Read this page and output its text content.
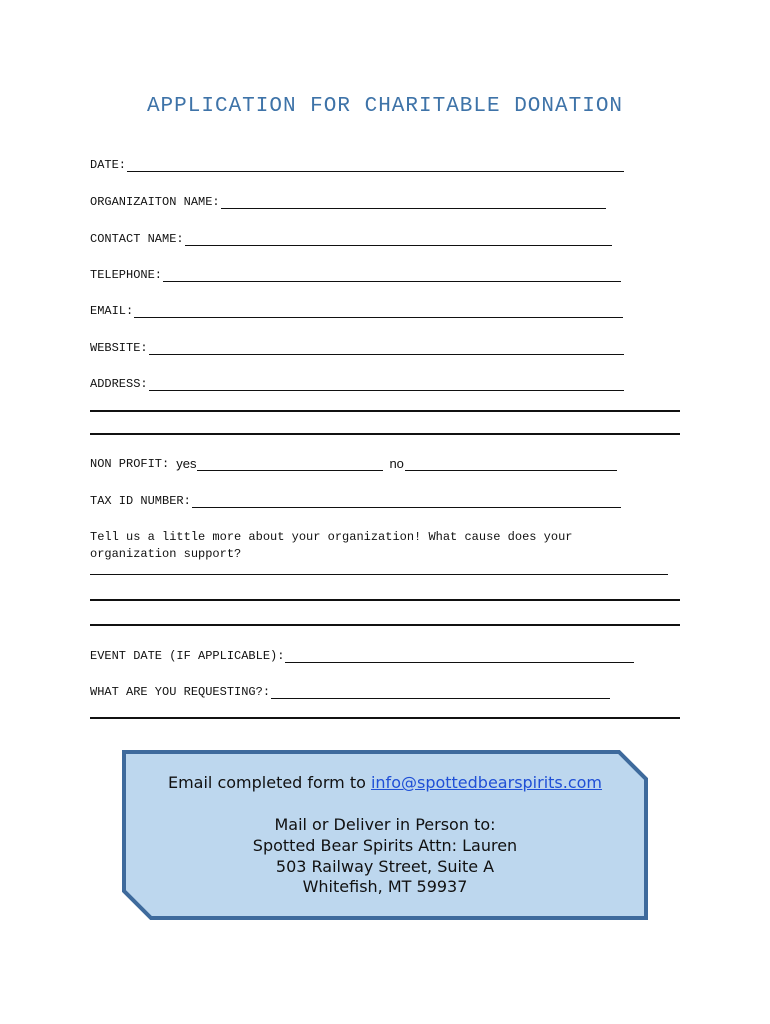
APPLICATION FOR CHARITABLE DONATION
DATE:
ORGANIZAITON NAME:
CONTACT NAME:
TELEPHONE:
EMAIL:
WEBSITE:
ADDRESS:
NON PROFIT: yes	no
TAX ID NUMBER:
Tell us a little more about your organization! What cause does your
organization support?
EVENT DATE (IF APPLICABLE):
WHAT ARE YOU REQUESTING?:
Email completed form to info@spottedbearspirits.com
Mail or Deliver in Person to:
Spotted Bear Spirits Attn: Lauren
503 Railway Street, Suite A
Whitefish, MT 59937
